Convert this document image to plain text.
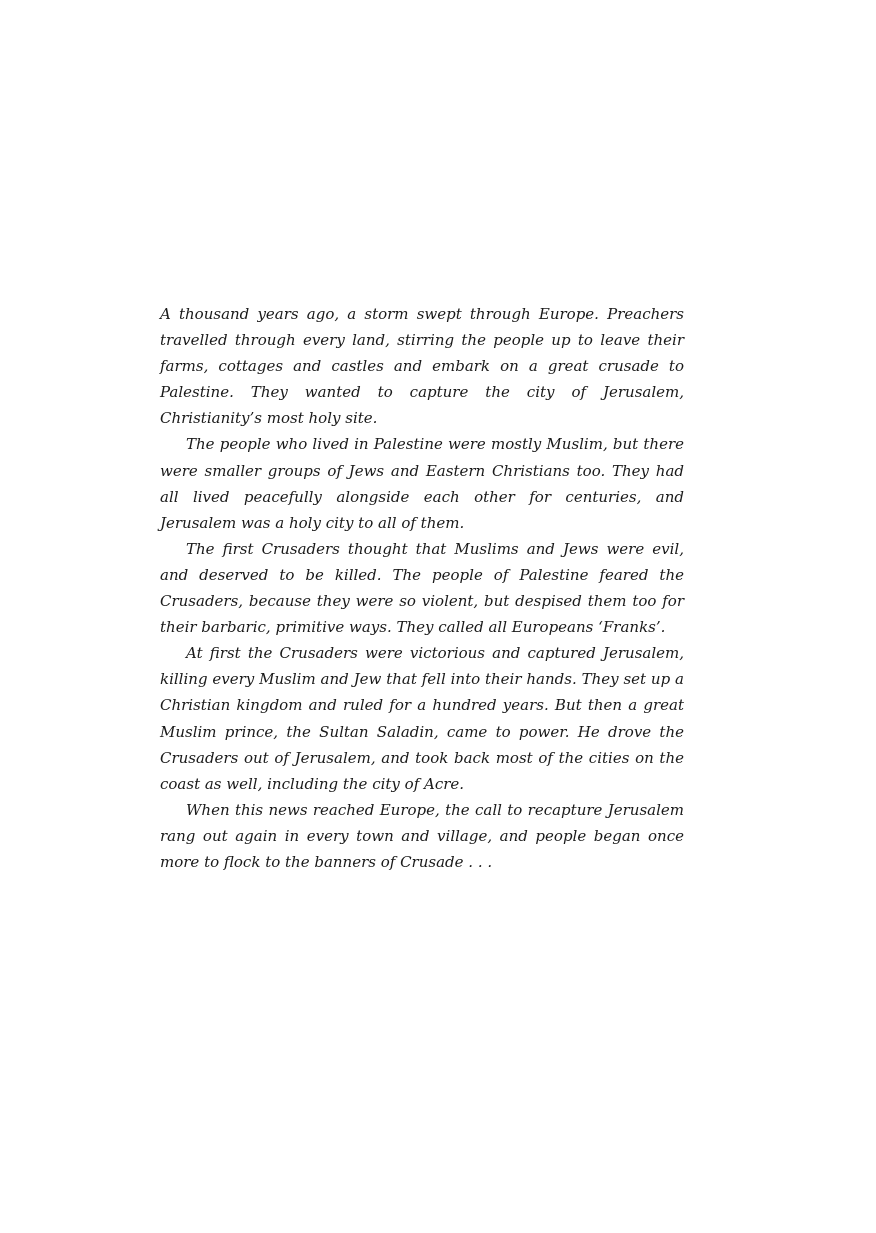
A thousand years ago, a storm swept through Europe. Preachers travelled through every land, stirring the people up to leave their farms, cottages and castles and embark on a great crusade to Palestine. They wanted to capture the city of Jerusalem, Christianity’s most holy site.

The people who lived in Palestine were mostly Muslim, but there were smaller groups of Jews and Eastern Christians too. They had all lived peacefully alongside each other for centuries, and Jerusalem was a holy city to all of them.

The first Crusaders thought that Muslims and Jews were evil, and deserved to be killed. The people of Palestine feared the Crusaders, because they were so violent, but despised them too for their barbaric, primitive ways. They called all Europeans ‘Franks’.

At first the Crusaders were victorious and captured Jerusalem, killing every Muslim and Jew that fell into their hands. They set up a Christian kingdom and ruled for a hundred years. But then a great Muslim prince, the Sultan Saladin, came to power. He drove the Crusaders out of Jerusalem, and took back most of the cities on the coast as well, including the city of Acre.

When this news reached Europe, the call to recapture Jerusalem rang out again in every town and village, and people began once more to flock to the banners of Crusade . . .
